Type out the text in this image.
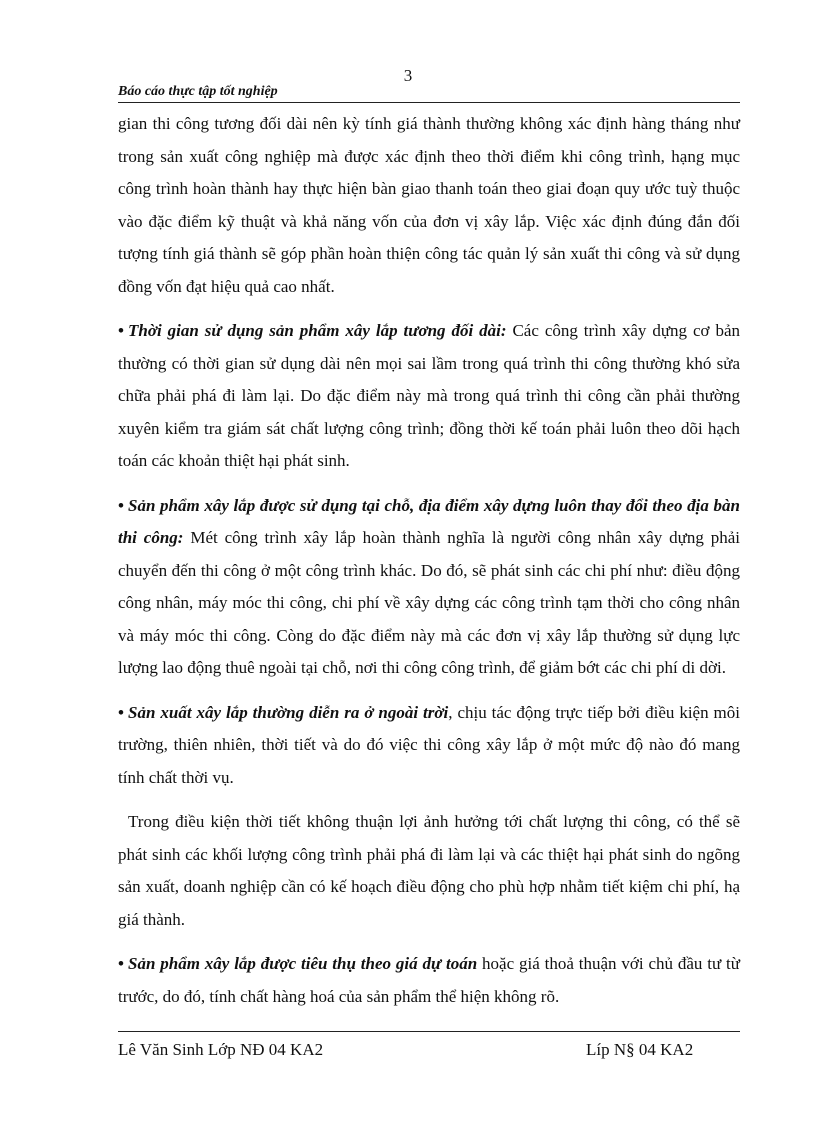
3
Báo cáo thực tập tốt nghiệp

gian thi công tương đối dài nên kỳ tính giá thành thường không xác định hàng tháng như trong sản xuất công nghiệp mà được xác định theo thời điểm khi công trình, hạng mục công trình hoàn thành hay thực hiện bàn giao thanh toán theo giai đoạn quy ước tuỳ thuộc vào đặc điểm kỹ thuật và khả năng vốn của đơn vị xây lắp. Việc xác định đúng đắn đối tượng tính giá thành sẽ góp phần hoàn thiện công tác quản lý sản xuất thi công và sử dụng đồng vốn đạt hiệu quả cao nhất.

• Thời gian sử dụng sản phẩm xây lắp tương đối dài: Các công trình xây dựng cơ bản thường có thời gian sử dụng dài nên mọi sai lầm trong quá trình thi công thường khó sửa chữa phải phá đi làm lại. Do đặc điểm này mà trong quá trình thi công cần phải thường xuyên kiểm tra giám sát chất lượng công trình; đồng thời kế toán phải luôn theo dõi hạch toán các khoản thiệt hại phát sinh.

• Sản phẩm xây lắp được sử dụng tại chỗ, địa điểm xây dựng luôn thay đổi theo địa bàn thi công: Mét công trình xây lắp hoàn thành nghĩa là người công nhân xây dựng phải chuyển đến thi công ở một công trình khác. Do đó, sẽ phát sinh các chi phí như: điều động công nhân, máy móc thi công, chi phí về xây dựng các công trình tạm thời cho công nhân và máy móc thi công. Còng do đặc điểm này mà các đơn vị xây lắp thường sử dụng lực lượng lao động thuê ngoài tại chỗ, nơi thi công công trình, để giảm bớt các chi phí di dời.

• Sản xuất xây lắp thường diễn ra ở ngoài trời, chịu tác động trực tiếp bởi điều kiện môi trường, thiên nhiên, thời tiết và do đó việc thi công xây lắp ở một mức độ nào đó mang tính chất thời vụ.

Trong điều kiện thời tiết không thuận lợi ảnh hưởng tới chất lượng thi công, có thể sẽ phát sinh các khối lượng công trình phải phá đi làm lại và các thiệt hại phát sinh do ngõng sản xuất, doanh nghiệp cần có kế hoạch điều động cho phù hợp nhằm tiết kiệm chi phí, hạ giá thành.

• Sản phẩm xây lắp được tiêu thụ theo giá dự toán hoặc giá thoả thuận với chủ đầu tư từ trước, do đó, tính chất hàng hoá của sản phẩm thể hiện không rõ.

Lê Văn Sinh Lớp NĐ 04 KA2	Líp N§ 04 KA2
